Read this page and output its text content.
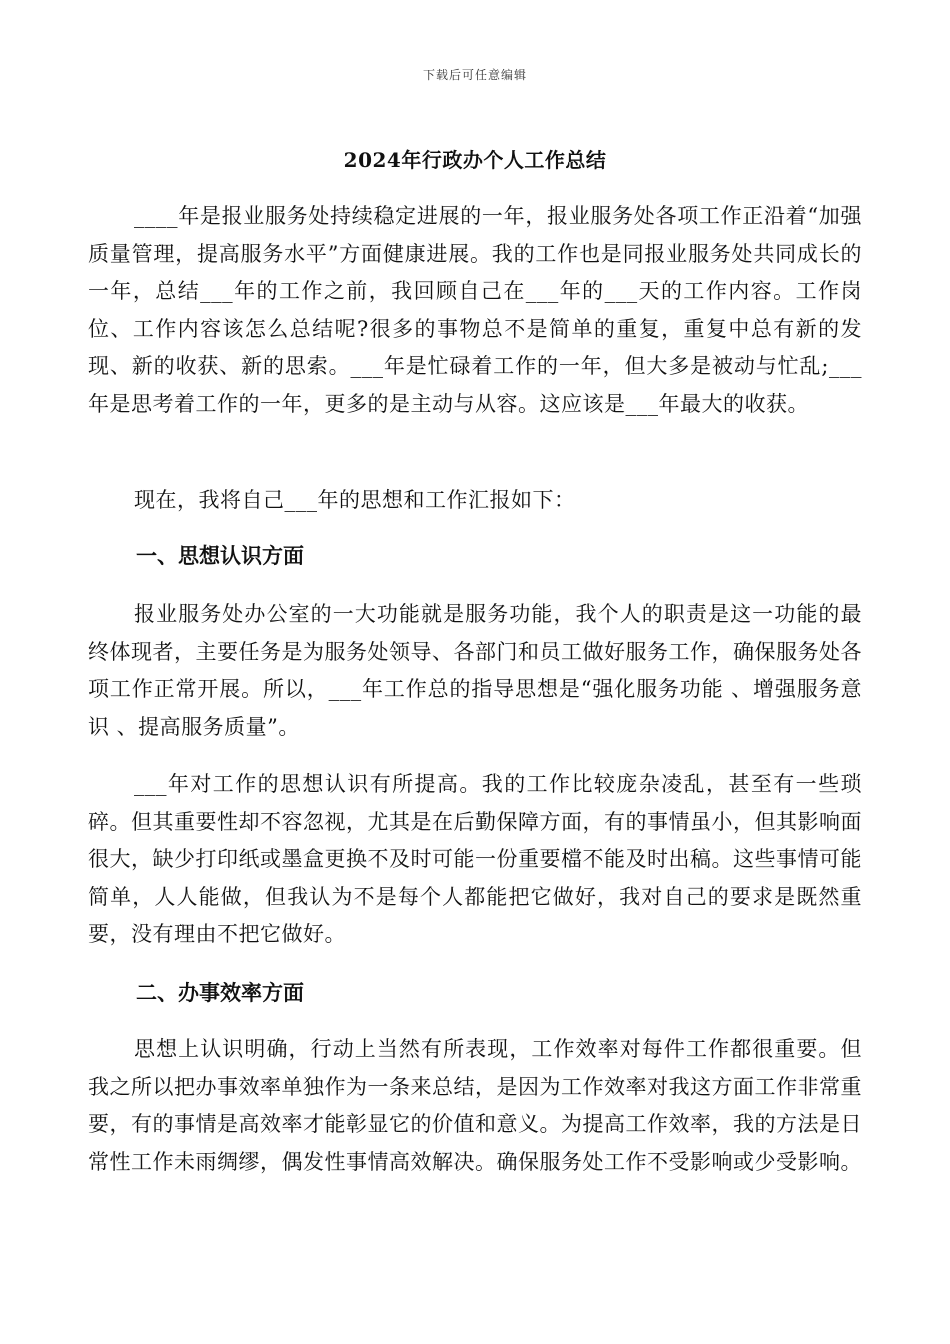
下载后可任意编辑
2024年行政办个人工作总结

____年是报业服务处持续稳定进展的一年，报业服务处各项工作正沿着“加强质量管理，提高服务水平”方面健康进展。我的工作也是同报业服务处共同成长的一年，总结___年的工作之前，我回顾自己在___年的___天的工作内容。工作岗位、工作内容该怎么总结呢?很多的事物总不是简单的重复，重复中总有新的发现、新的收获、新的思索。___年是忙碌着工作的一年，但大多是被动与忙乱;___年是思考着工作的一年，更多的是主动与从容。这应该是___年最大的收获。

现在，我将自己___年的思想和工作汇报如下：

一、思想认识方面

报业服务处办公室的一大功能就是服务功能，我个人的职责是这一功能的最终体现者，主要任务是为服务处领导、各部门和员工做好服务工作，确保服务处各项工作正常开展。所以，___年工作总的指导思想是“强化服务功能 、增强服务意识 、提高服务质量”。

___年对工作的思想认识有所提高。我的工作比较庞杂凌乱，甚至有一些琐碎。但其重要性却不容忽视，尤其是在后勤保障方面，有的事情虽小，但其影响面很大，缺少打印纸或墨盒更换不及时可能一份重要檔不能及时出稿。这些事情可能简单，人人能做，但我认为不是每个人都能把它做好，我对自己的要求是既然重要，没有理由不把它做好。

二、办事效率方面

思想上认识明确，行动上当然有所表现，工作效率对每件工作都很重要。但我之所以把办事效率单独作为一条来总结，是因为工作效率对我这方面工作非常重要，有的事情是高效率才能彰显它的价值和意义。为提高工作效率，我的方法是日常性工作未雨绸缪，偶发性事情高效解决。确保服务处工作不受影响或少受影响。
